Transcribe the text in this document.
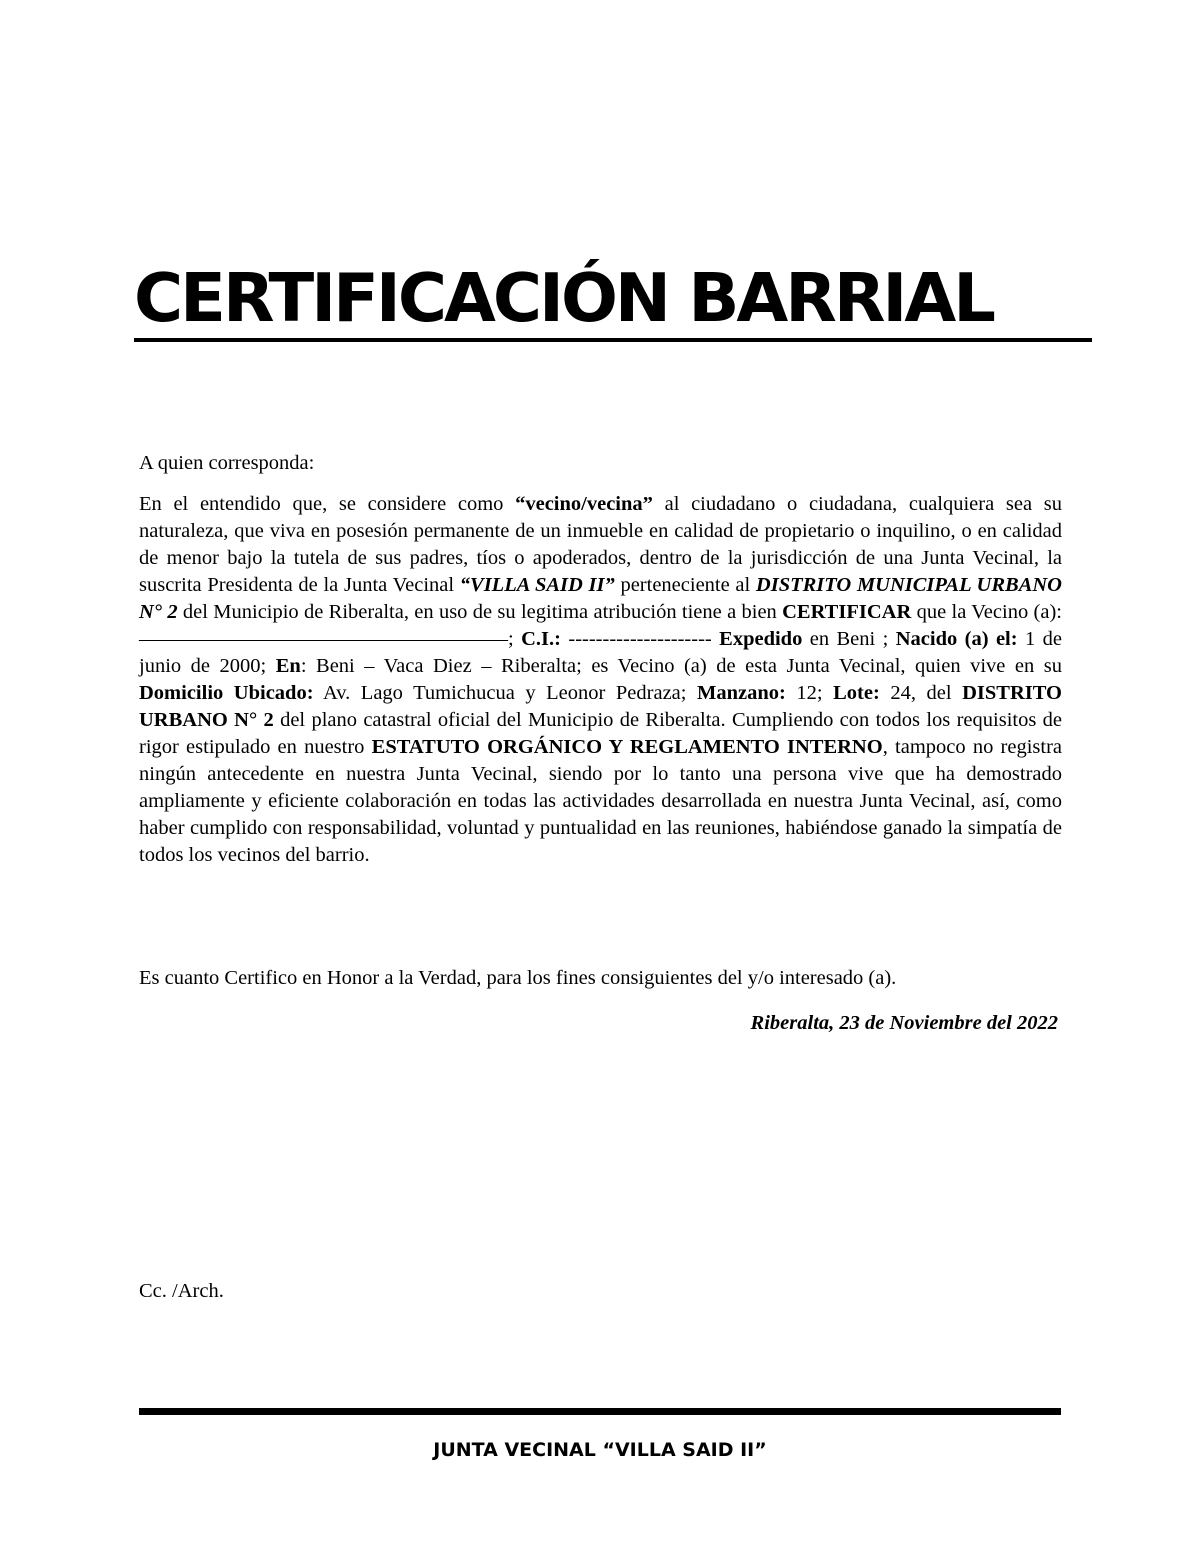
CERTIFICACIÓN BARRIAL
A quien corresponda:
En el entendido que, se considere como “vecino/vecina” al ciudadano o ciudadana, cualquiera sea su naturaleza, que viva en posesión permanente de un inmueble en calidad de propietario o inquilino, o en calidad de menor bajo la tutela de sus padres, tíos o apoderados, dentro de la jurisdicción de una Junta Vecinal, la suscrita Presidenta de la Junta Vecinal “VILLA SAID II” perteneciente al DISTRITO MUNICIPAL URBANO N° 2 del Municipio de Riberalta, en uso de su legitima atribución tiene a bien CERTIFICAR que la Vecino (a): ——————————————————; C.I.: --------------------- Expedido en Beni ; Nacido (a) el: 1 de junio de 2000; En: Beni – Vaca Diez – Riberalta; es Vecino (a) de esta Junta Vecinal, quien vive en su Domicilio Ubicado: Av. Lago Tumichucua y Leonor Pedraza; Manzano: 12; Lote: 24, del DISTRITO URBANO N° 2 del plano catastral oficial del Municipio de Riberalta. Cumpliendo con todos los requisitos de rigor estipulado en nuestro ESTATUTO ORGÁNICO Y REGLAMENTO INTERNO, tampoco no registra ningún antecedente en nuestra Junta Vecinal, siendo por lo tanto una persona vive que ha demostrado ampliamente y eficiente colaboración en todas las actividades desarrollada en nuestra Junta Vecinal, así, como haber cumplido con responsabilidad, voluntad y puntualidad en las reuniones, habiéndose ganado la simpatía de todos los vecinos del barrio.
Es cuanto Certifico en Honor a la Verdad, para los fines consiguientes del y/o interesado (a).
Riberalta, 23 de Noviembre del 2022
Cc. /Arch.
JUNTA VECINAL “VILLA SAID II”
